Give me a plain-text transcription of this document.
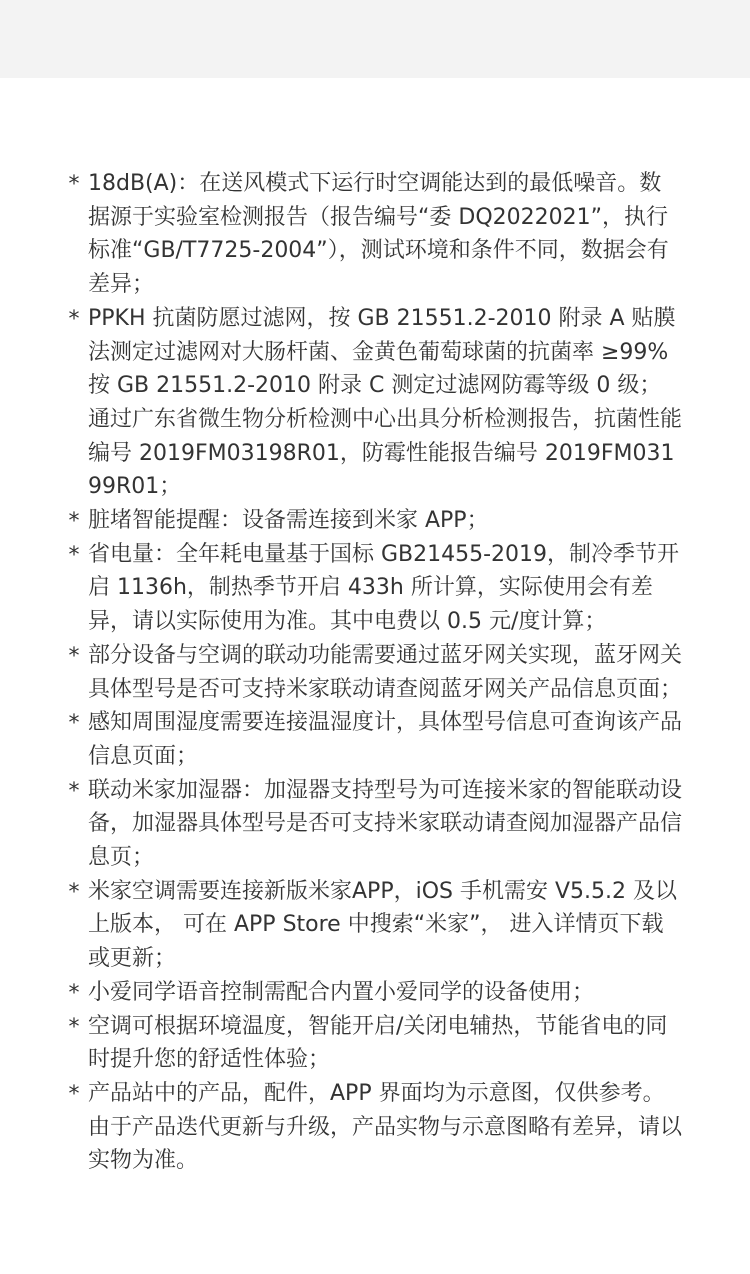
* 18dB(A)：在送风模式下运行时空调能达到的最低噪音。数据源于实验室检测报告（报告编号“委 DQ2022021”，执行标准“GB/T7725-2004”），测试环境和条件不同，数据会有差异；
* PPKH 抗菌防愿过滤网，按 GB 21551.2-2010 附录 A 贴膜法测定过滤网对大肠杆菌、金黄色葡萄球菌的抗菌率 ≥99% 按 GB 21551.2-2010 附录 C 测定过滤网防霉等级 0 级；通过广东省微生物分析检测中心出具分析检测报告，抗菌性能编号 2019FM03198R01，防霉性能报告编号 2019FM03199R01；
* 脏堵智能提醒：设备需连接到米家 APP；
* 省电量：全年耗电量基于国标 GB21455-2019，制冷季节开启 1136h，制热季节开启 433h 所计算，实际使用会有差异，请以实际使用为准。其中电费以 0.5 元/度计算；
* 部分设备与空调的联动功能需要通过蓝牙网关实现，蓝牙网关具体型号是否可支持米家联动请查阅蓝牙网关产品信息页面；
* 感知周围湿度需要连接温湿度计，具体型号信息可查询该产品信息页面；
* 联动米家加湿器：加湿器支持型号为可连接米家的智能联动设备，加湿器具体型号是否可支持米家联动请查阅加湿器产品信息页；
* 米家空调需要连接新版米家APP，iOS 手机需安 V5.5.2 及以上版本， 可在 APP Store 中搜索“米家”， 进入详情页下载或更新；
* 小爱同学语音控制需配合内置小爱同学的设备使用；
* 空调可根据环境温度，智能开启/关闭电辅热，节能省电的同时提升您的舒适性体验；
* 产品站中的产品，配件，APP 界面均为示意图，仅供参考。由于产品迭代更新与升级，产品实物与示意图略有差异，请以实物为准。
